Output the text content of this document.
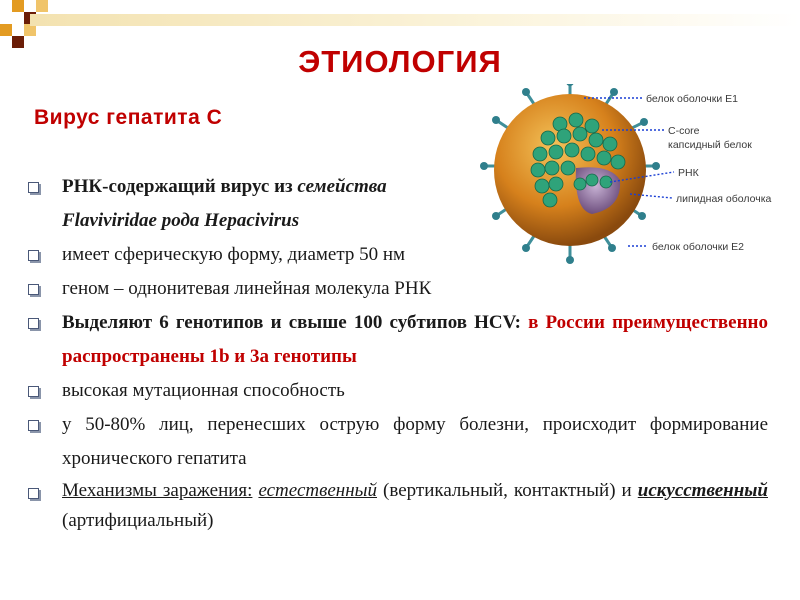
ЭТИОЛОГИЯ
Вирус гепатита С
белок оболочки Е1
С-core
капсидный белок
РНК
липидная оболочка
белок оболочки Е2
РНК-содержащий вирус из семейства
Flaviviridae рода Hepacivirus
имеет сферическую форму, диаметр 50 нм
геном – однонитевая линейная молекула РНК
Выделяют 6 генотипов и свыше 100 субтипов HCV: в России преимущественно распространены 1b и 3а генотипы
высокая мутационная способность
у 50-80% лиц, перенесших острую форму болезни, происходит формирование хронического гепатита
Механизмы заражения: естественный (вертикальный, контактный) и искусственный (артифициальный)
